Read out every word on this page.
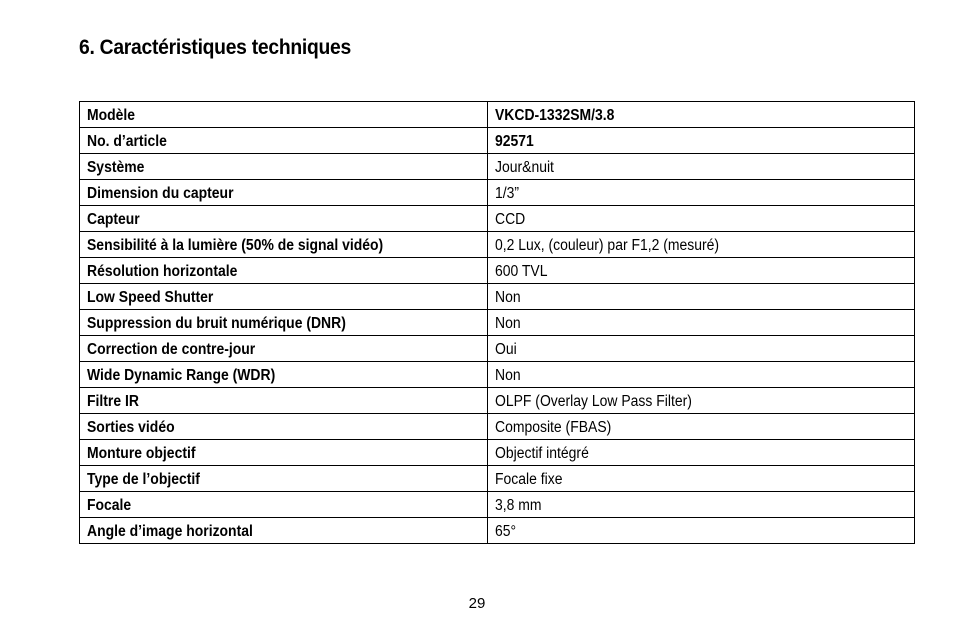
6. Caractéristiques techniques
Modèle	VKCD-1332SM/3.8
No. d’article	92571
Système	Jour&nuit
Dimension du capteur	1/3”
Capteur	CCD
Sensibilité à la lumière (50% de signal vidéo)	0,2 Lux, (couleur) par F1,2 (mesuré)
Résolution horizontale	600 TVL
Low Speed Shutter	Non
Suppression du bruit numérique (DNR)	Non
Correction de contre-jour	Oui
Wide Dynamic Range (WDR)	Non
Filtre IR	OLPF (Overlay Low Pass Filter)
Sorties vidéo	Composite (FBAS)
Monture objectif	Objectif intégré
Type de l’objectif	Focale fixe
Focale	3,8 mm
Angle d’image horizontal	65°
29
